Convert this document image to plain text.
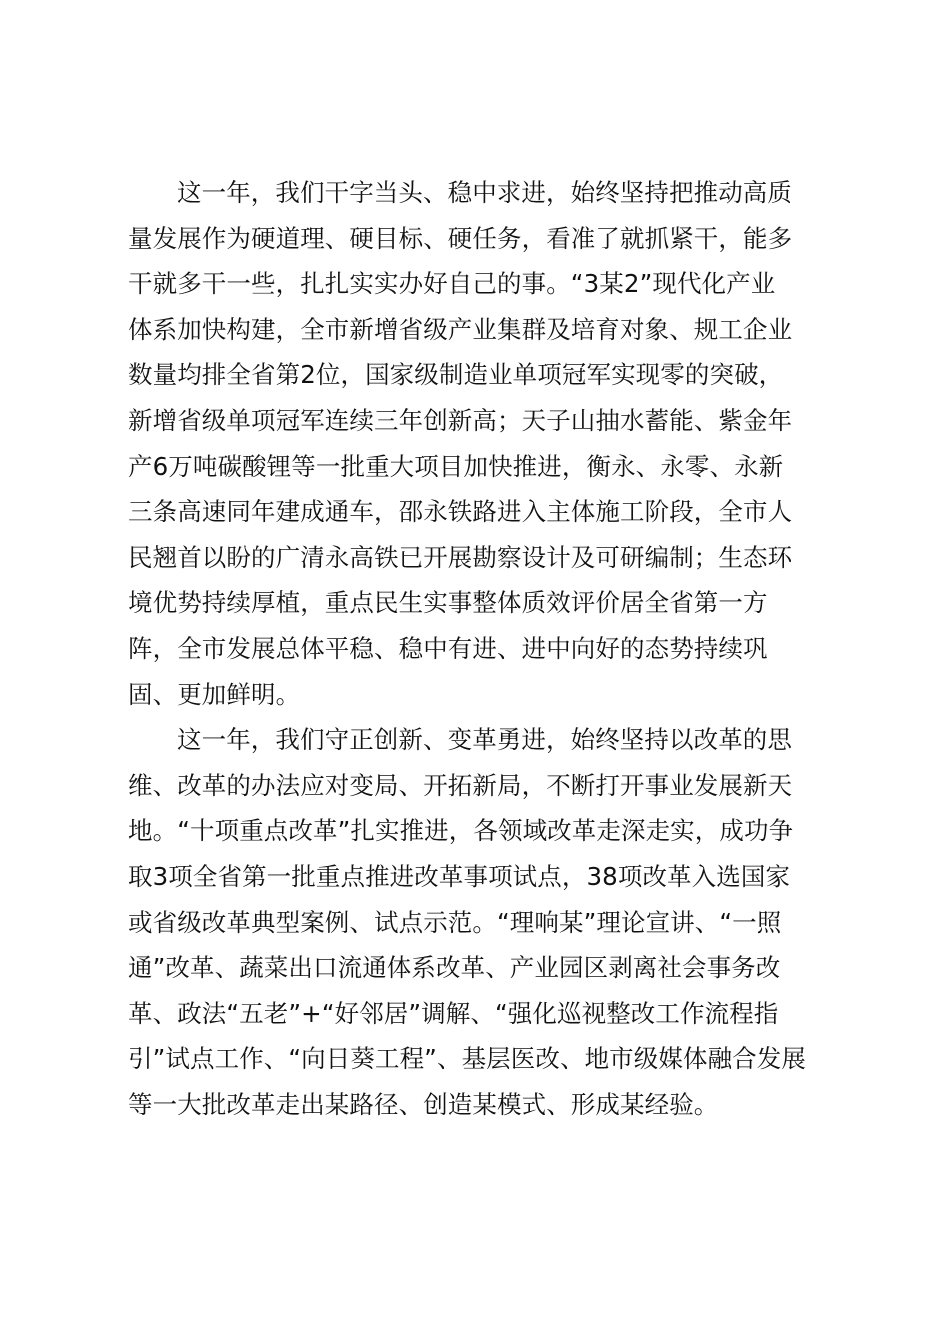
这一年，我们干字当头、稳中求进，始终坚持把推动高质
量发展作为硬道理、硬目标、硬任务，看准了就抓紧干，能多
干就多干一些，扎扎实实办好自己的事。“3某2”现代化产业
体系加快构建，全市新增省级产业集群及培育对象、规工企业
数量均排全省第2位，国家级制造业单项冠军实现零的突破，
新增省级单项冠军连续三年创新高；天子山抽水蓄能、紫金年
产6万吨碳酸锂等一批重大项目加快推进，衡永、永零、永新
三条高速同年建成通车，邵永铁路进入主体施工阶段，全市人
民翘首以盼的广清永高铁已开展勘察设计及可研编制；生态环
境优势持续厚植，重点民生实事整体质效评价居全省第一方
阵，全市发展总体平稳、稳中有进、进中向好的态势持续巩
固、更加鲜明。
这一年，我们守正创新、变革勇进，始终坚持以改革的思
维、改革的办法应对变局、开拓新局，不断打开事业发展新天
地。“十项重点改革”扎实推进，各领域改革走深走实，成功争
取3项全省第一批重点推进改革事项试点，38项改革入选国家
或省级改革典型案例、试点示范。“理响某”理论宣讲、“一照
通”改革、蔬菜出口流通体系改革、产业园区剥离社会事务改
革、政法“五老”+“好邻居”调解、“强化巡视整改工作流程指
引”试点工作、“向日葵工程”、基层医改、地市级媒体融合发展
等一大批改革走出某路径、创造某模式、形成某经验。
